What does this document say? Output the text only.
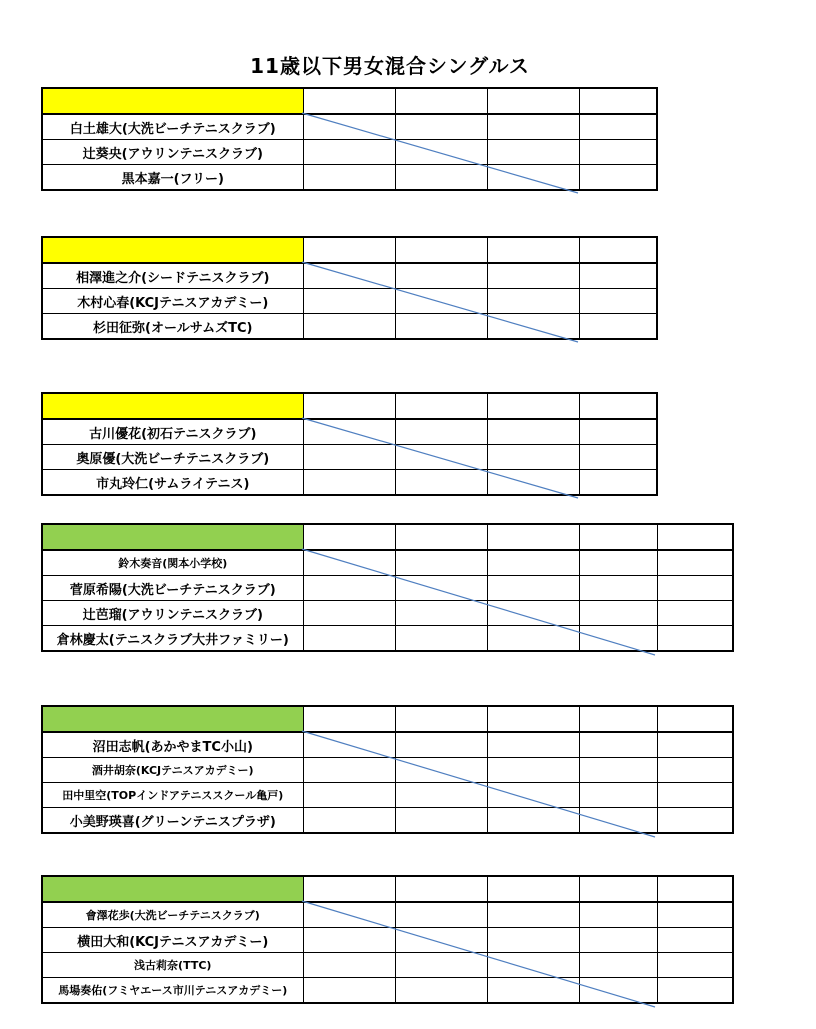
11歳以下男女混合シングルス

白土雄大(大洗ビーチテニスクラブ)				
辻葵央(アウリンテニスクラブ)				
黒本嘉一(フリー)				

相澤進之介(シードテニスクラブ)				
木村心春(KCJテニスアカデミー)				
杉田征弥(オールサムズTC)				

古川優花(初石テニスクラブ)				
奥原優(大洗ビーチテニスクラブ)				
市丸玲仁(サムライテニス)				

鈴木奏音(関本小学校)					
菅原希陽(大洗ビーチテニスクラブ)					
辻芭瑠(アウリンテニスクラブ)					
倉林慶太(テニスクラブ大井ファミリー)					

沼田志帆(あかやまTC小山)					
酒井胡奈(KCJテニスアカデミー)					
田中里空(TOPインドアテニススクール亀戸)					
小美野瑛喜(グリーンテニスプラザ)					

會澤花歩(大洗ビーチテニスクラブ)					
横田大和(KCJテニスアカデミー)					
浅古莉奈(TTC)					
馬場奏佑(フミヤエース市川テニスアカデミー)					
